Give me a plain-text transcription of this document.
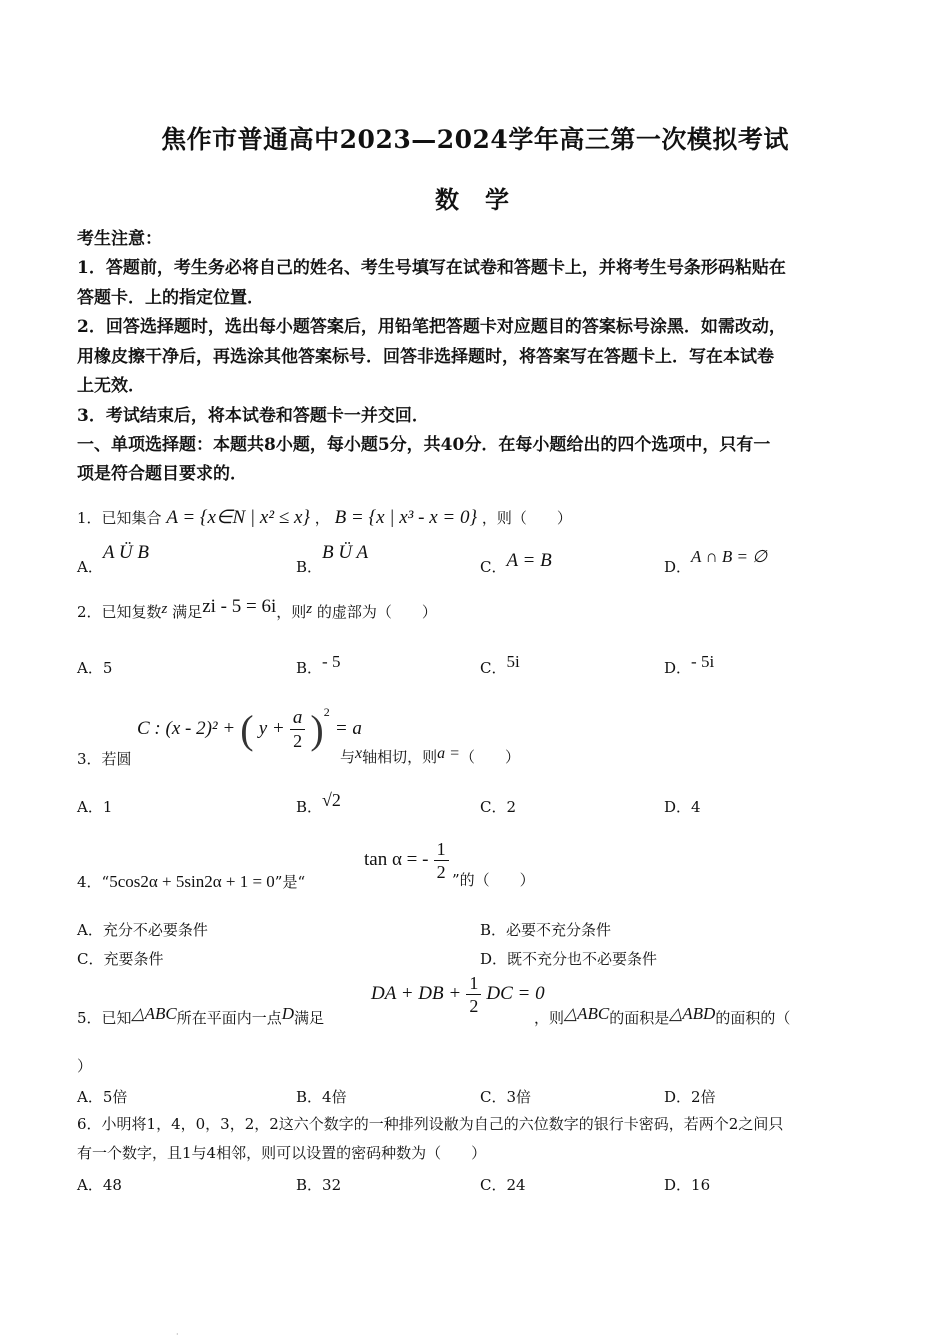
焦作市普通高中2023—2024学年高三第一次模拟考试
数 学
考生注意：
1．答题前，考生务必将自己的姓名、考生号填写在试卷和答题卡上，并将考生号条形码粘贴在
答题卡．上的指定位置．
2．回答选择题时，选出每小题答案后，用铅笔把答题卡对应题目的答案标号涂黑．如需改动，
用橡皮擦干净后，再选涂其他答案标号．回答非选择题时，将答案写在答题卡上．写在本试卷
上无效．
3．考试结束后，将本试卷和答题卡一并交回．
一、单项选择题：本题共8小题，每小题5分，共40分．在每小题给出的四个选项中，只有一
项是符合题目要求的．
1．已知集合 A = {x∈N | x² ≤ x} ， B = {x | x³ - x = 0} ，则（　　）
A．A Ü B
B．B Ü A
C．A = B	D．A ∩ B = ∅
2．已知复数z 满足zi - 5 = 6i，则z 的虚部为（　　）
A．5	B．- 5	C．5i	D．- 5i
3．若圆
C : (x - 2)² + ( $y + \frac{a}{2} )^2 = a$
与x轴相切，则a =（　　）
A．1	B．√2	C．2	D．4
4．“5cos2α + 5sin2α + 1 = 0”是“
tan α = - $\frac{1}{2}$ ”的（　　）
A．充分不必要条件	B．必要不充分条件
C．充要条件	D．既不充分也不必要条件
5．已知△ABC所在平面内一点D满足
DA + DB + $\frac{1}{2}$ DC = 0
，则△ABC的面积是△ABD的面积的（
）
A．5倍	B．4倍	C．3倍	D．2倍
6．小明将1，4，0，3，2，2这六个数字的一种排列设敝为自己的六位数字的银行卡密码，若两个2之间只
有一个数字，且1与4相邻，则可以设置的密码种数为（　　）
A．48	B．32	C．24	D．16
·
